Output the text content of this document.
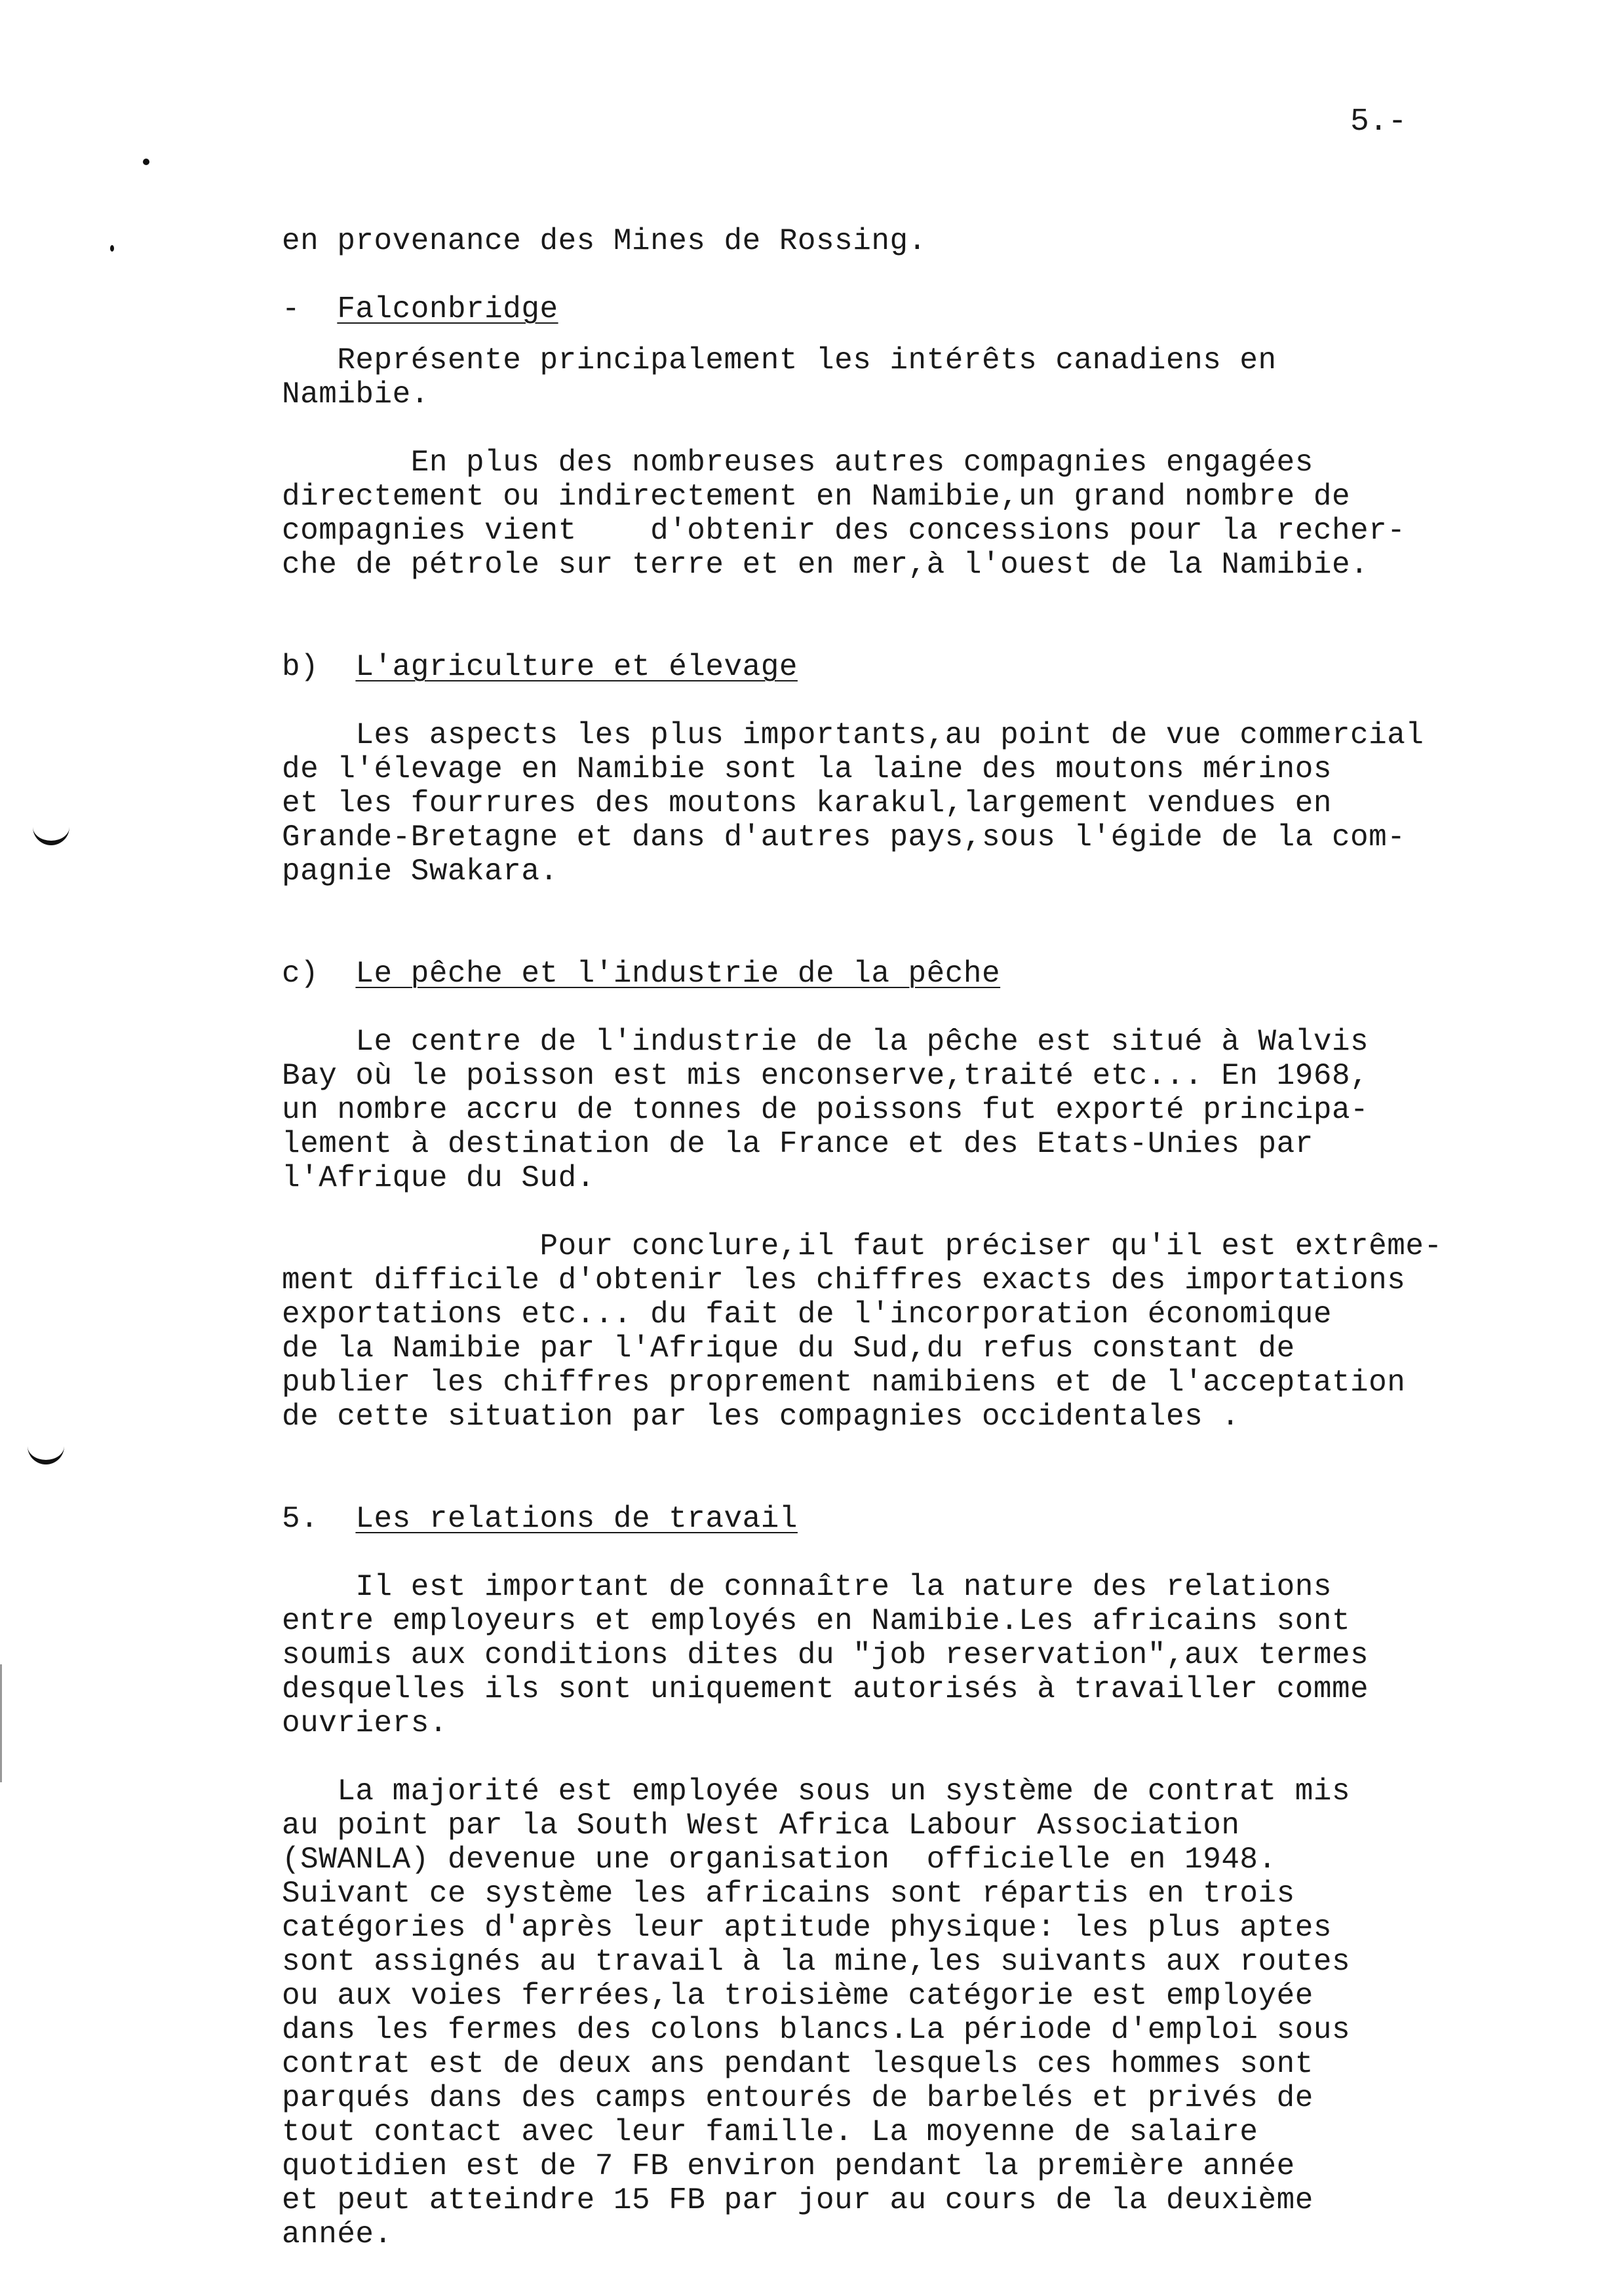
5.-
en provenance des Mines de Rossing.
-  Falconbridge
Représente principalement les intérêts canadiens en
Namibie.
En plus des nombreuses autres compagnies engagées
directement ou indirectement en Namibie,un grand nombre de
compagnies vient    d'obtenir des concessions pour la recher-
che de pétrole sur terre et en mer,à l'ouest de la Namibie.
b)  L'agriculture et élevage
Les aspects les plus importants,au point de vue commercial
de l'élevage en Namibie sont la laine des moutons mérinos
et les fourrures des moutons karakul,largement vendues en
Grande-Bretagne et dans d'autres pays,sous l'égide de la com-
pagnie Swakara.
c)  Le pêche et l'industrie de la pêche
Le centre de l'industrie de la pêche est situé à Walvis
Bay où le poisson est mis enconserve,traité etc... En 1968,
un nombre accru de tonnes de poissons fut exporté principa-
lement à destination de la France et des Etats-Unies par
l'Afrique du Sud.
Pour conclure,il faut préciser qu'il est extrême-
ment difficile d'obtenir les chiffres exacts des importations
exportations etc... du fait de l'incorporation économique
de la Namibie par l'Afrique du Sud,du refus constant de
publier les chiffres proprement namibiens et de l'acceptation
de cette situation par les compagnies occidentales .
5.  Les relations de travail
Il est important de connaître la nature des relations
entre employeurs et employés en Namibie.Les africains sont
soumis aux conditions dites du "job reservation",aux termes
desquelles ils sont uniquement autorisés à travailler comme
ouvriers.
La majorité est employée sous un système de contrat mis
au point par la South West Africa Labour Association
(SWANLA) devenue une organisation  officielle en 1948.
Suivant ce système les africains sont répartis en trois
catégories d'après leur aptitude physique: les plus aptes
sont assignés au travail à la mine,les suivants aux routes
ou aux voies ferrées,la troisième catégorie est employée
dans les fermes des colons blancs.La période d'emploi sous
contrat est de deux ans pendant lesquels ces hommes sont
parqués dans des camps entourés de barbelés et privés de
tout contact avec leur famille. La moyenne de salaire
quotidien est de 7 FB environ pendant la première année
et peut atteindre 15 FB par jour au cours de la deuxième
année.
